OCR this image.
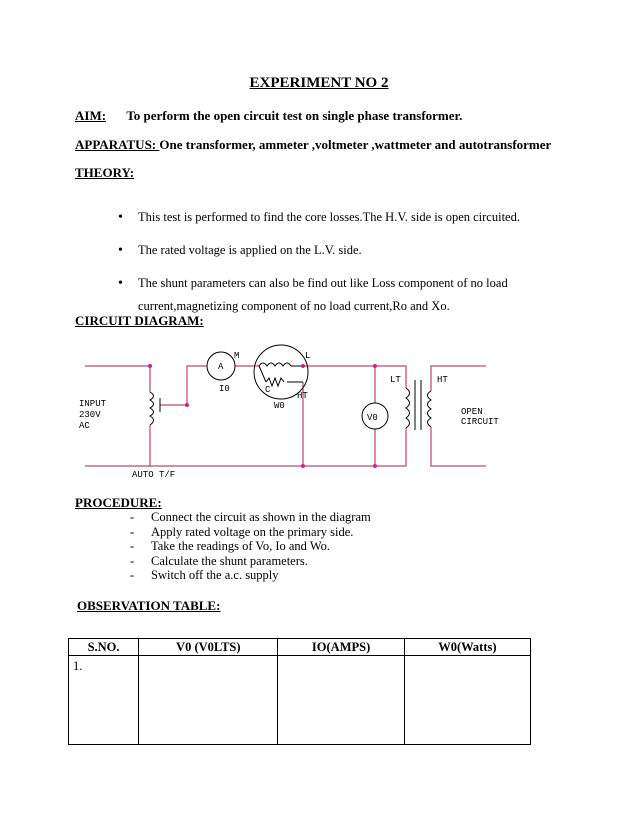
EXPERIMENT NO 2
AIM: To perform the open circuit test on single phase transformer.
APPARATUS: One transformer, ammeter ,voltmeter ,wattmeter and autotransformer
THEORY:
• This test is performed to find the core losses.The H.V. side is open circuited.
• The rated voltage is applied on the L.V. side.
• The shunt parameters can also be find out like Loss component of no load current,magnetizing component of no load current,Ro and Xo.
CIRCUIT DIAGRAM:
A
I0
M	L
C
HT
W0
V0
LT	HT
INPUT
230V
AC
AUTO T/F
OPEN
CIRCUIT
PROCEDURE:
- Connect the circuit as shown in the diagram
- Apply rated voltage on the primary side.
- Take the readings of Vo, Io and Wo.
- Calculate the shunt parameters.
- Switch off the a.c. supply
OBSERVATION TABLE:
S.NO.	V0 (V0LTS)	IO(AMPS)	W0(Watts)
1.			
